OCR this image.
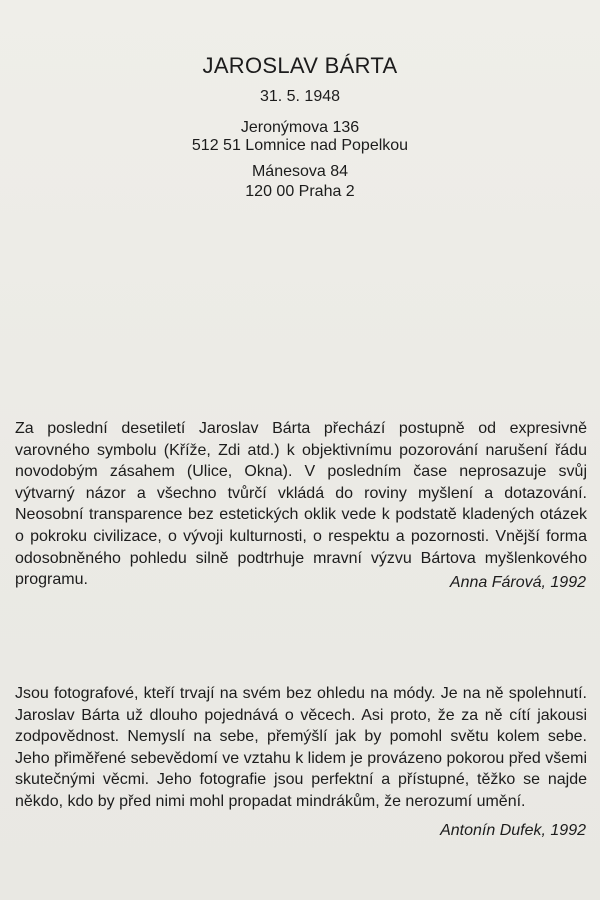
JAROSLAV BÁRTA
31. 5. 1948
Jeronýmova 136
512 51 Lomnice nad Popelkou
Mánesova 84
120 00 Praha 2

Za poslední desetiletí Jaroslav Bárta přechází postupně od expresivně varovného symbolu (Kříže, Zdi atd.) k objektivnímu pozorování narušení řádu novodobým zásahem (Ulice, Okna). V posledním čase neprosazuje svůj výtvarný názor a všechno tvůrčí vkládá do roviny myšlení a dotazování. Neosobní transparence bez estetických oklik vede k podstatě kladených otázek o pokroku civilizace, o vývoji kulturnosti, o respektu a pozornosti. Vnější forma odosobněného pohledu silně podtrhuje mravní výzvu Bártova myšlenkového programu.	Anna Fárová, 1992

Jsou fotografové, kteří trvají na svém bez ohledu na módy. Je na ně spolehnutí. Jaroslav Bárta už dlouho pojednává o věcech. Asi proto, že za ně cítí jakousi zodpovědnost. Nemyslí na sebe, přemýšlí jak by pomohl světu kolem sebe. Jeho přiměřené sebevědomí ve vztahu k lidem je provázeno pokorou před všemi skutečnými věcmi. Jeho fotografie jsou perfektní a přístupné, těžko se najde někdo, kdo by před nimi mohl propadat mindrákům, že nerozumí umění.

Antonín Dufek, 1992
